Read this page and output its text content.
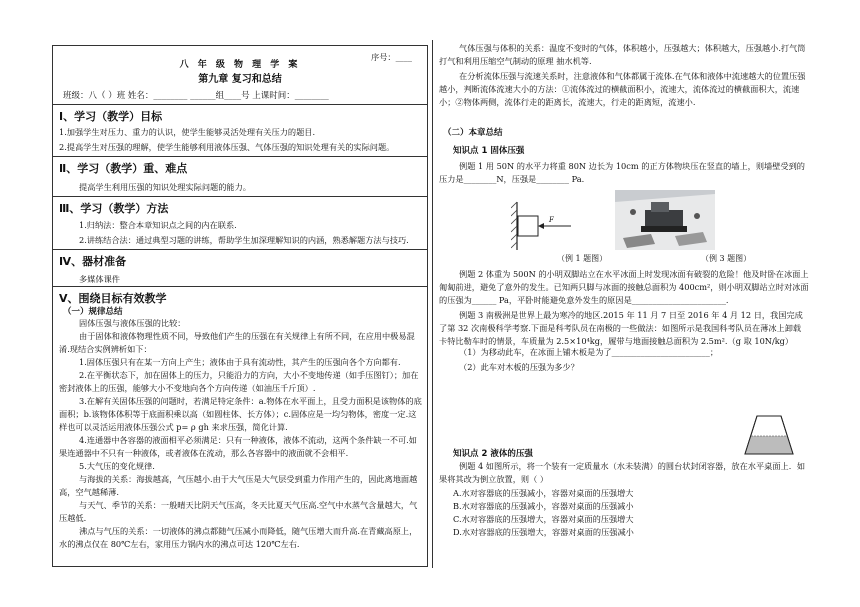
序号：____
八 年 级 物 理 学 案
第九章 复习和总结
班级：八（ ）班 姓名：________ ______组____号 上课时间：________
Ⅰ、学习（教学）目标
1.加强学生对压力、重力的认识，使学生能够灵活处理有关压力的题目.
2.提高学生对压强的理解，使学生能够利用液体压强、气体压强的知识处理有关的实际问题。
Ⅱ、学习（教学）重、难点
提高学生利用压强的知识处理实际问题的能力。
Ⅲ、学习（教学）方法
1.归纳法：整合本章知识点之间的内在联系.
2.讲练结合法：通过典型习题的讲练，帮助学生加深理解知识的内涵，熟悉解题方法与技巧.
Ⅳ、器材准备
多媒体课件
Ⅴ、围绕目标有效教学
（一）规律总结
固体压强与液体压强的比较：
由于固体和液体物理性质不同，导致他们产生的压强在有关规律上有所不同，在应用中极易混淆.现结合实例辨析如下：
1.固体压强只有在某一方向上产生；液体由于具有流动性，其产生的压强向各个方向都有.
2.在平衡状态下，加在固体上的压力，只能沿力的方向，大小不变地传递（如手压图钉）；加在密封液体上的压强，能够大小不变地向各个方向传递（如油压千斤顶）.
3.在解有关固体压强的问题时，若满足特定条件：a.物体在水平面上，且受力面积是该物体的底面积；b.该物体体积等于底面积乘以高（如圆柱体、长方体）；c.固体应是一均匀物体，密度一定.这样也可以灵活运用液体压强公式 p= ρ gh 来求压强，简化计算.
4.连通器中各容器的液面相平必须满足：只有一种液体，液体不流动，这两个条件缺一不可.如果连通器中不只有一种液体，或者液体在流动，那么各容器中的液面就不会相平.
5.大气压的变化规律.
与海拔的关系：海拔越高，气压越小.由于大气压是大气层受到重力作用产生的，因此离地面越高，空气越稀薄.
与天气、季节的关系：一般晴天比阴天气压高，冬天比夏天气压高.空气中水蒸气含量越大，气压越低.
沸点与气压的关系：一切液体的沸点都随气压减小而降低，随气压增大而升高.在青藏高原上，水的沸点仅在 80℃左右，家用压力锅内水的沸点可达 120℃左右.
气体压强与体积的关系：温度不变时的气体，体积越小，压强越大；体积越大，压强越小.打气筒打气和利用压缩空气制动的原理 抽水机等.
在分析流体压强与流速关系时，注意液体和气体都属于流体.在气体和液体中流速越大的位置压强越小，判断流体流速大小的方法：①流体流过的横截面积小，流速大，流体流过的横截面积大，流速小；②物体两侧，流体行走的距离长，流速大，行走的距离短，流速小.
（二）本章总结
知识点 1 固体压强
例题 1 用 50N 的水平力将重 80N 边长为 10cm 的正方体物块压在竖直的墙上，则墙壁受到的压力是________N，压强是________ Pa.
F
（例 1 题图）	（例 3 题图）
例题 2 体重为 500N 的小明双脚站立在水平冰面上时发现冰面有破裂的危险！他及时卧在冰面上匍匐前进，避免了意外的发生。已知两只脚与冰面的接触总面积为 400cm²，则小明双脚站立时对冰面的压强为______ Pa，平卧时能避免意外发生的原因是_______________________.
例题 3 南极洲是世界上最为寒冷的地区.2015 年 11 月 7 日至 2016 年 4 月 12 日，我国完成了第 32 次南极科学考察.下面是科考队员在南极的一些做法：如图所示是我国科考队员在薄冰上卸载卡特比勒车时的情景，车质量为 2.5×10⁴kg，履带与地面接触总面积为 2.5m².（g 取 10N/kg）
（1）为移动此车，在冰面上铺木板是为了________________________；
（2）此车对木板的压强为多少？
知识点 2 液体的压强
例题 4 如图所示，将一个装有一定质量水（水未装满）的圆台状封闭容器，放在水平桌面上．如果将其改为倒立放置，则（ ）
A.水对容器底的压强减小，容器对桌面的压强增大
B.水对容器底的压强减小，容器对桌面的压强减小
C.水对容器底的压强增大，容器对桌面的压强增大
D.水对容器底的压强增大，容器对桌面的压强减小
